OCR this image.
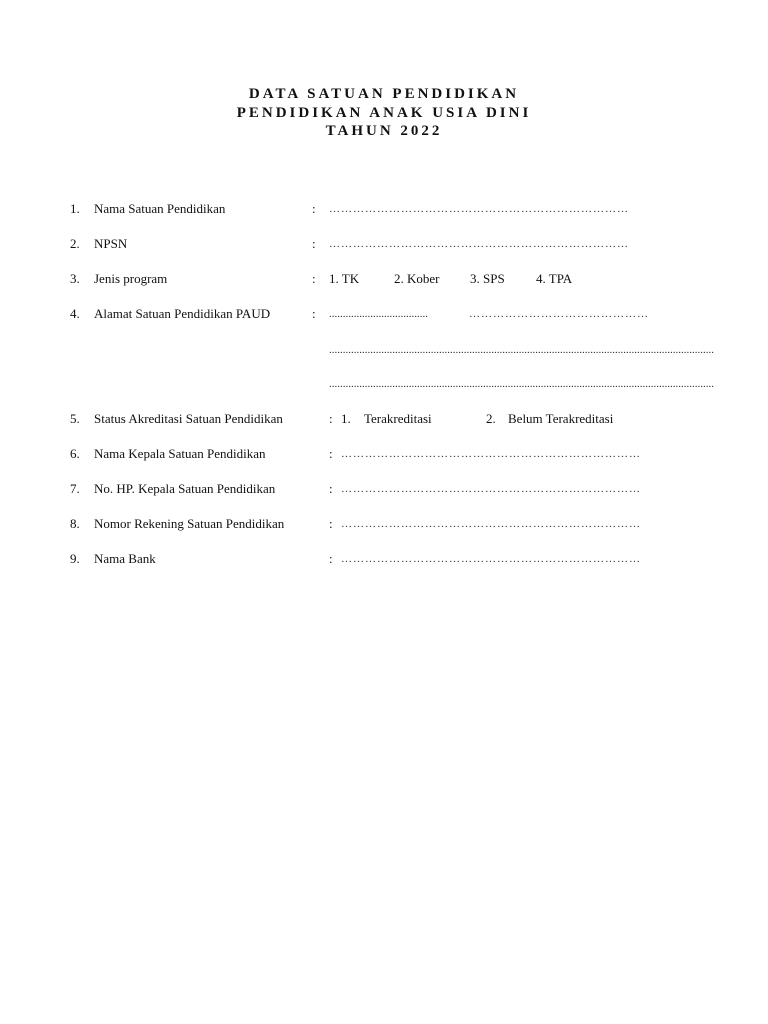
DATA SATUAN PENDIDIKAN
PENDIDIKAN ANAK USIA DINI
TAHUN 2022
1. Nama Satuan Pendidikan	: …………………………………………………………………
2. NPSN	: …………………………………………………………………
3. Jenis program	: 1. TK	2. Kober 3. SPS 4. TPA
4. Alamat Satuan Pendidikan PAUD	: ....................................	………………………………………
............................................................................................................................................
............................................................................................................................................
5. Status Akreditasi Satuan Pendidikan	: 1. Terakreditasi	2. Belum Terakreditasi
6. Nama Kepala Satuan Pendidikan	: …………………………………………………………………
7. No. HP. Kepala Satuan Pendidikan	: …………………………………………………………………
8. Nomor Rekening Satuan Pendidikan	: …………………………………………………………………
9. Nama Bank	: …………………………………………………………………
